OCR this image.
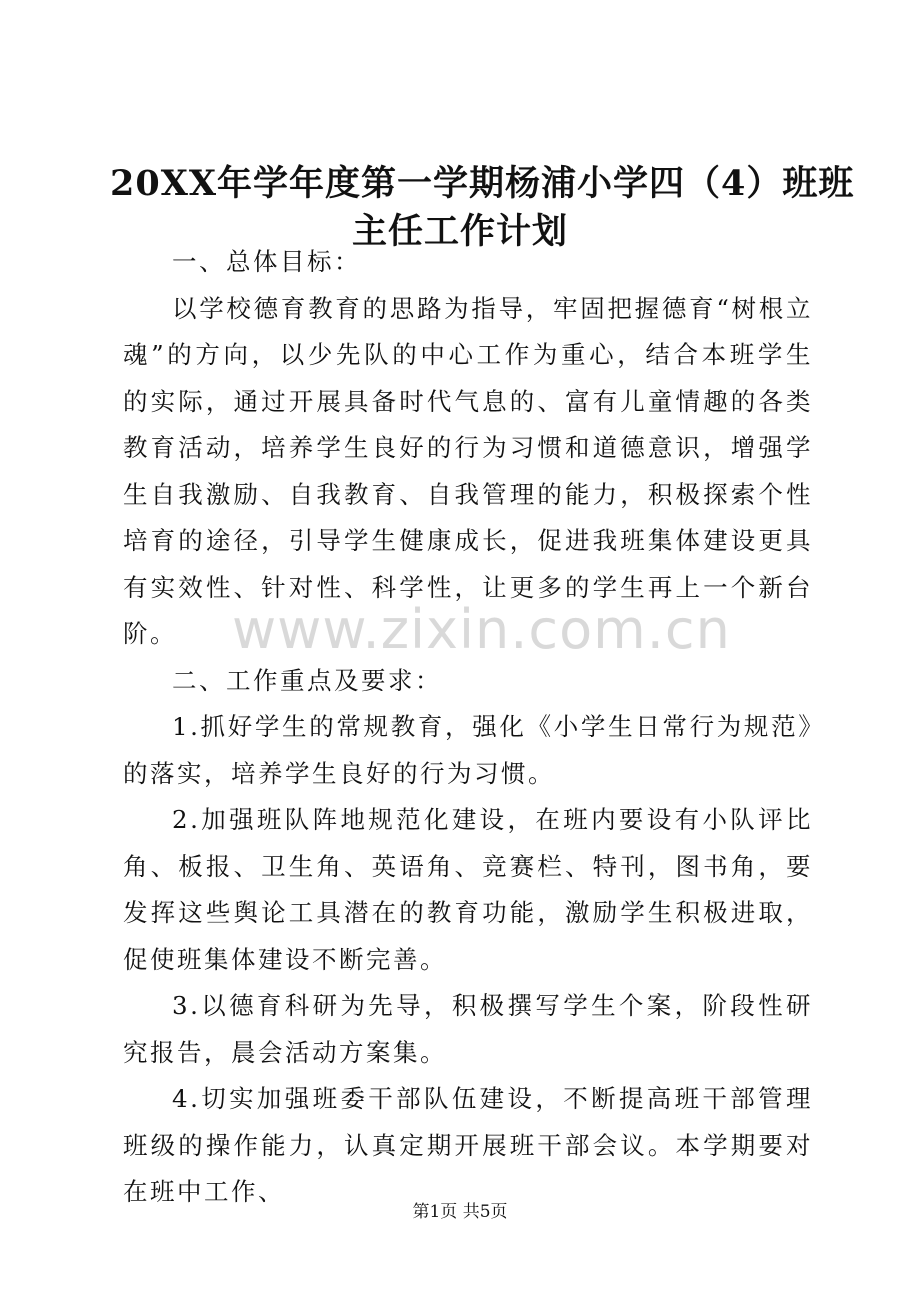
20XX年学年度第一学期杨浦小学四（4）班班
主任工作计划

一、总体目标：

以学校德育教育的思路为指导，牢固把握德育“树根立魂”的方向，以少先队的中心工作为重心，结合本班学生的实际，通过开展具备时代气息的、富有儿童情趣的各类教育活动，培养学生良好的行为习惯和道德意识，增强学生自我激励、自我教育、自我管理的能力，积极探索个性培育的途径，引导学生健康成长，促进我班集体建设更具有实效性、针对性、科学性，让更多的学生再上一个新台阶。

二、工作重点及要求：

1.抓好学生的常规教育，强化《小学生日常行为规范》的落实，培养学生良好的行为习惯。

2.加强班队阵地规范化建设，在班内要设有小队评比角、板报、卫生角、英语角、竞赛栏、特刊，图书角，要发挥这些舆论工具潜在的教育功能，激励学生积极进取，促使班集体建设不断完善。

3.以德育科研为先导，积极撰写学生个案，阶段性研究报告，晨会活动方案集。

4.切实加强班委干部队伍建设，不断提高班干部管理班级的操作能力，认真定期开展班干部会议。本学期要对在班中工作、

www.zixin.com.cn
第1页 共5页
